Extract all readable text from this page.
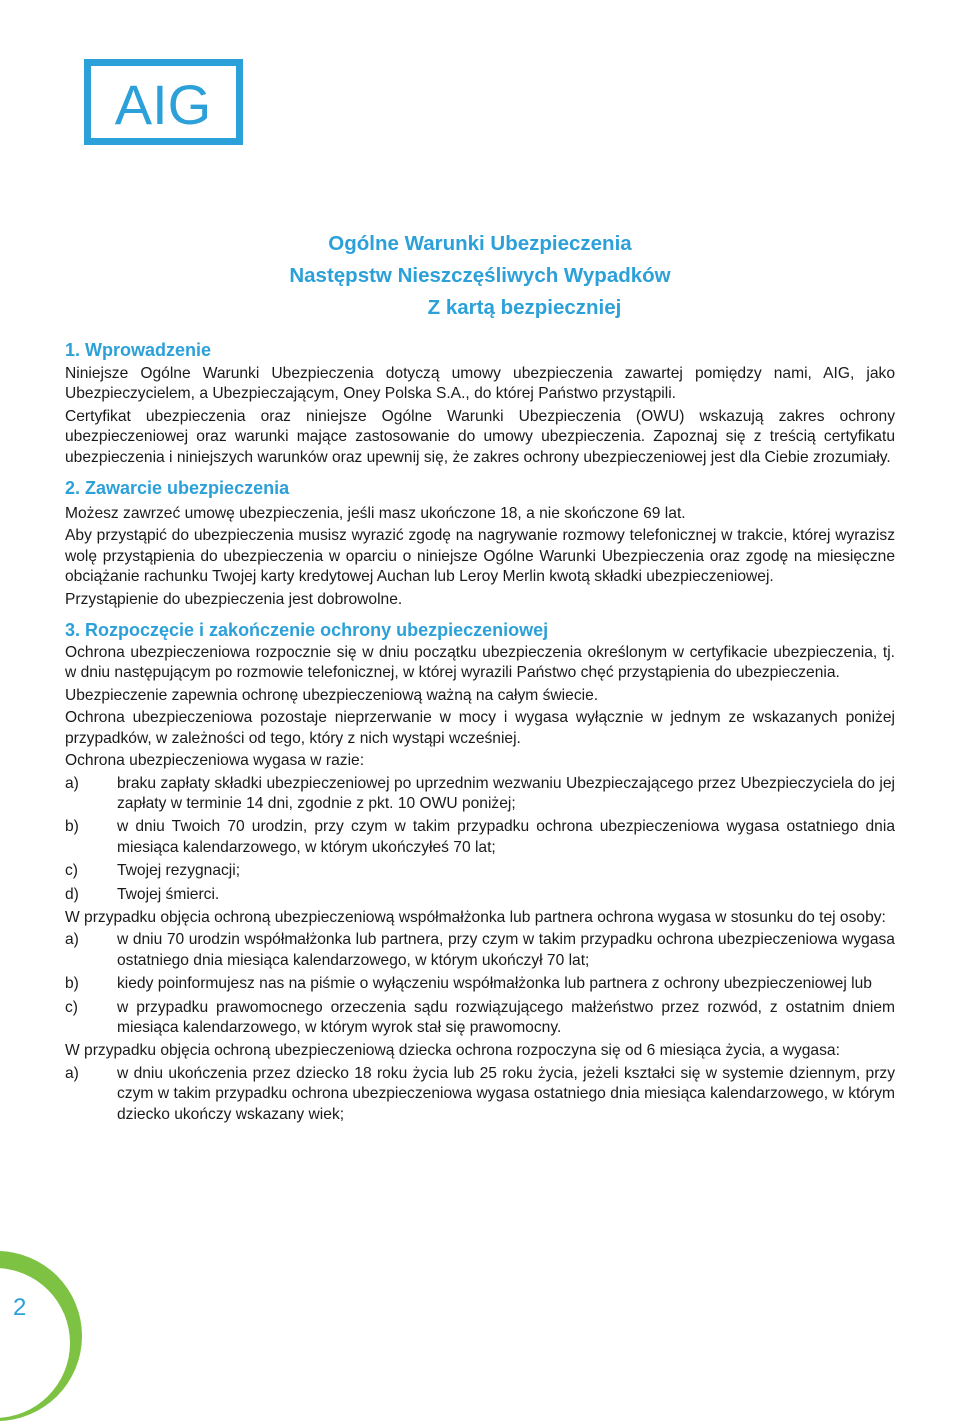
AIG
Ogólne Warunki Ubezpieczenia
Następstw Nieszczęśliwych Wypadków
Z kartą bezpieczniej
1. Wprowadzenie

Niniejsze Ogólne Warunki Ubezpieczenia dotyczą umowy ubezpieczenia zawartej pomiędzy nami, AIG, jako Ubezpieczycielem, a Ubezpieczającym, Oney Polska S.A., do której Państwo przystąpili.

Certyfikat ubezpieczenia oraz niniejsze Ogólne Warunki Ubezpieczenia (OWU) wskazują zakres ochrony ubezpieczeniowej oraz warunki mające zastosowanie do umowy ubezpieczenia. Zapoznaj się z treścią certyfikatu ubezpieczenia i niniejszych warunków oraz upewnij się, że zakres ochrony ubezpieczeniowej jest dla Ciebie zrozumiały.

2. Zawarcie ubezpieczenia

Możesz zawrzeć umowę ubezpieczenia, jeśli masz ukończone 18, a nie skończone 69 lat.

Aby przystąpić do ubezpieczenia musisz wyrazić zgodę na nagrywanie rozmowy telefonicznej w trakcie, której wyrazisz wolę przystąpienia do ubezpieczenia w oparciu o niniejsze Ogólne Warunki Ubezpieczenia oraz zgodę na miesięczne obciążanie rachunku Twojej karty kredytowej Auchan lub Leroy Merlin kwotą składki ubezpieczeniowej.

Przystąpienie do ubezpieczenia jest dobrowolne.

3. Rozpoczęcie i zakończenie ochrony ubezpieczeniowej

Ochrona ubezpieczeniowa rozpocznie się w dniu początku ubezpieczenia określonym w certyfikacie ubezpieczenia, tj. w dniu następującym po rozmowie telefonicznej, w której wyrazili Państwo chęć przystąpienia do ubezpieczenia.

Ubezpieczenie zapewnia ochronę ubezpieczeniową ważną na całym świecie.

Ochrona ubezpieczeniowa pozostaje nieprzerwanie w mocy i wygasa wyłącznie w jednym ze wskazanych poniżej przypadków, w zależności od tego, który z nich wystąpi wcześniej.

Ochrona ubezpieczeniowa wygasa w razie:

a)	braku zapłaty składki ubezpieczeniowej po uprzednim wezwaniu Ubezpieczającego przez Ubezpieczyciela do jej zapłaty w terminie 14 dni, zgodnie z pkt. 10 OWU poniżej;
b)	w dniu Twoich 70 urodzin, przy czym w takim przypadku ochrona ubezpieczeniowa wygasa ostatniego dnia miesiąca kalendarzowego, w którym ukończyłeś 70 lat;
c)	Twojej rezygnacji;
d)	Twojej śmierci.

W przypadku objęcia ochroną ubezpieczeniową współmałżonka lub partnera ochrona wygasa w stosunku do tej osoby:

a)	w dniu 70 urodzin współmałżonka lub partnera, przy czym w takim przypadku ochrona ubezpieczeniowa wygasa ostatniego dnia miesiąca kalendarzowego, w którym ukończył 70 lat;
b)	kiedy poinformujesz nas na piśmie o wyłączeniu współmałżonka lub partnera z ochrony ubezpieczeniowej lub
c)	w przypadku prawomocnego orzeczenia sądu rozwiązującego małżeństwo przez rozwód, z ostatnim dniem miesiąca kalendarzowego, w którym wyrok stał się prawomocny.

W przypadku objęcia ochroną ubezpieczeniową dziecka ochrona rozpoczyna się od 6 miesiąca życia, a wygasa:

a)	w dniu ukończenia przez dziecko 18 roku życia lub 25 roku życia, jeżeli kształci się w systemie dziennym, przy czym w takim przypadku ochrona ubezpieczeniowa wygasa ostatniego dnia miesiąca kalendarzowego, w którym dziecko ukończy wskazany wiek;
2
